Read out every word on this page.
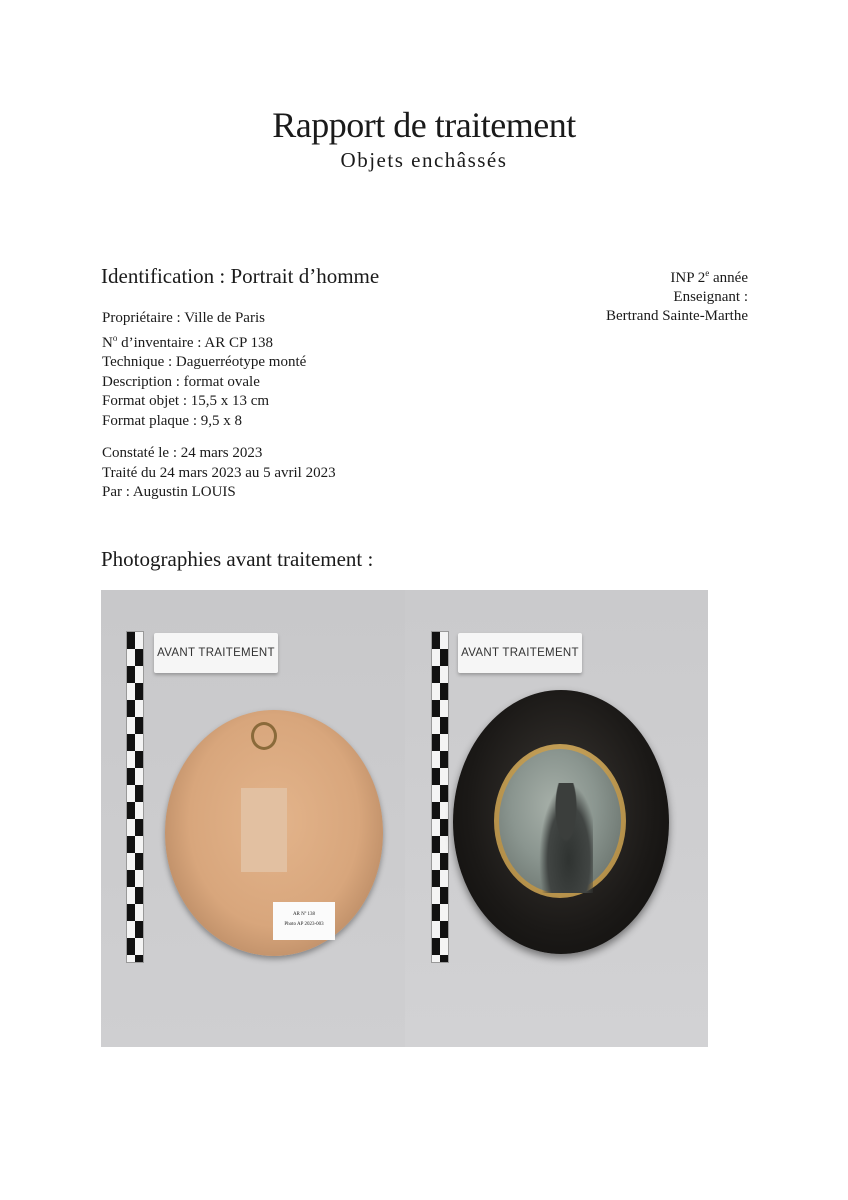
Rapport de traitement
Objets enchâssés
Identification : Portrait d’homme	INP 2e année
Enseignant :
Bertrand Sainte-Marthe
Propriétaire : Ville de Paris
$N^o$ d’inventaire : AR CP 138
Technique : Daguerréotype monté
Description : format ovale
Format objet : 15,5 x 13 cm
Format plaque : 9,5 x 8
Constaté le : 24 mars 2023
Traité du 24 mars 2023 au 5 avril 2023
Par : Augustin LOUIS
Photographies avant traitement :
AVANT TRAITEMENT
AR Nº 138
Photo AP 2023-003
AVANT TRAITEMENT
